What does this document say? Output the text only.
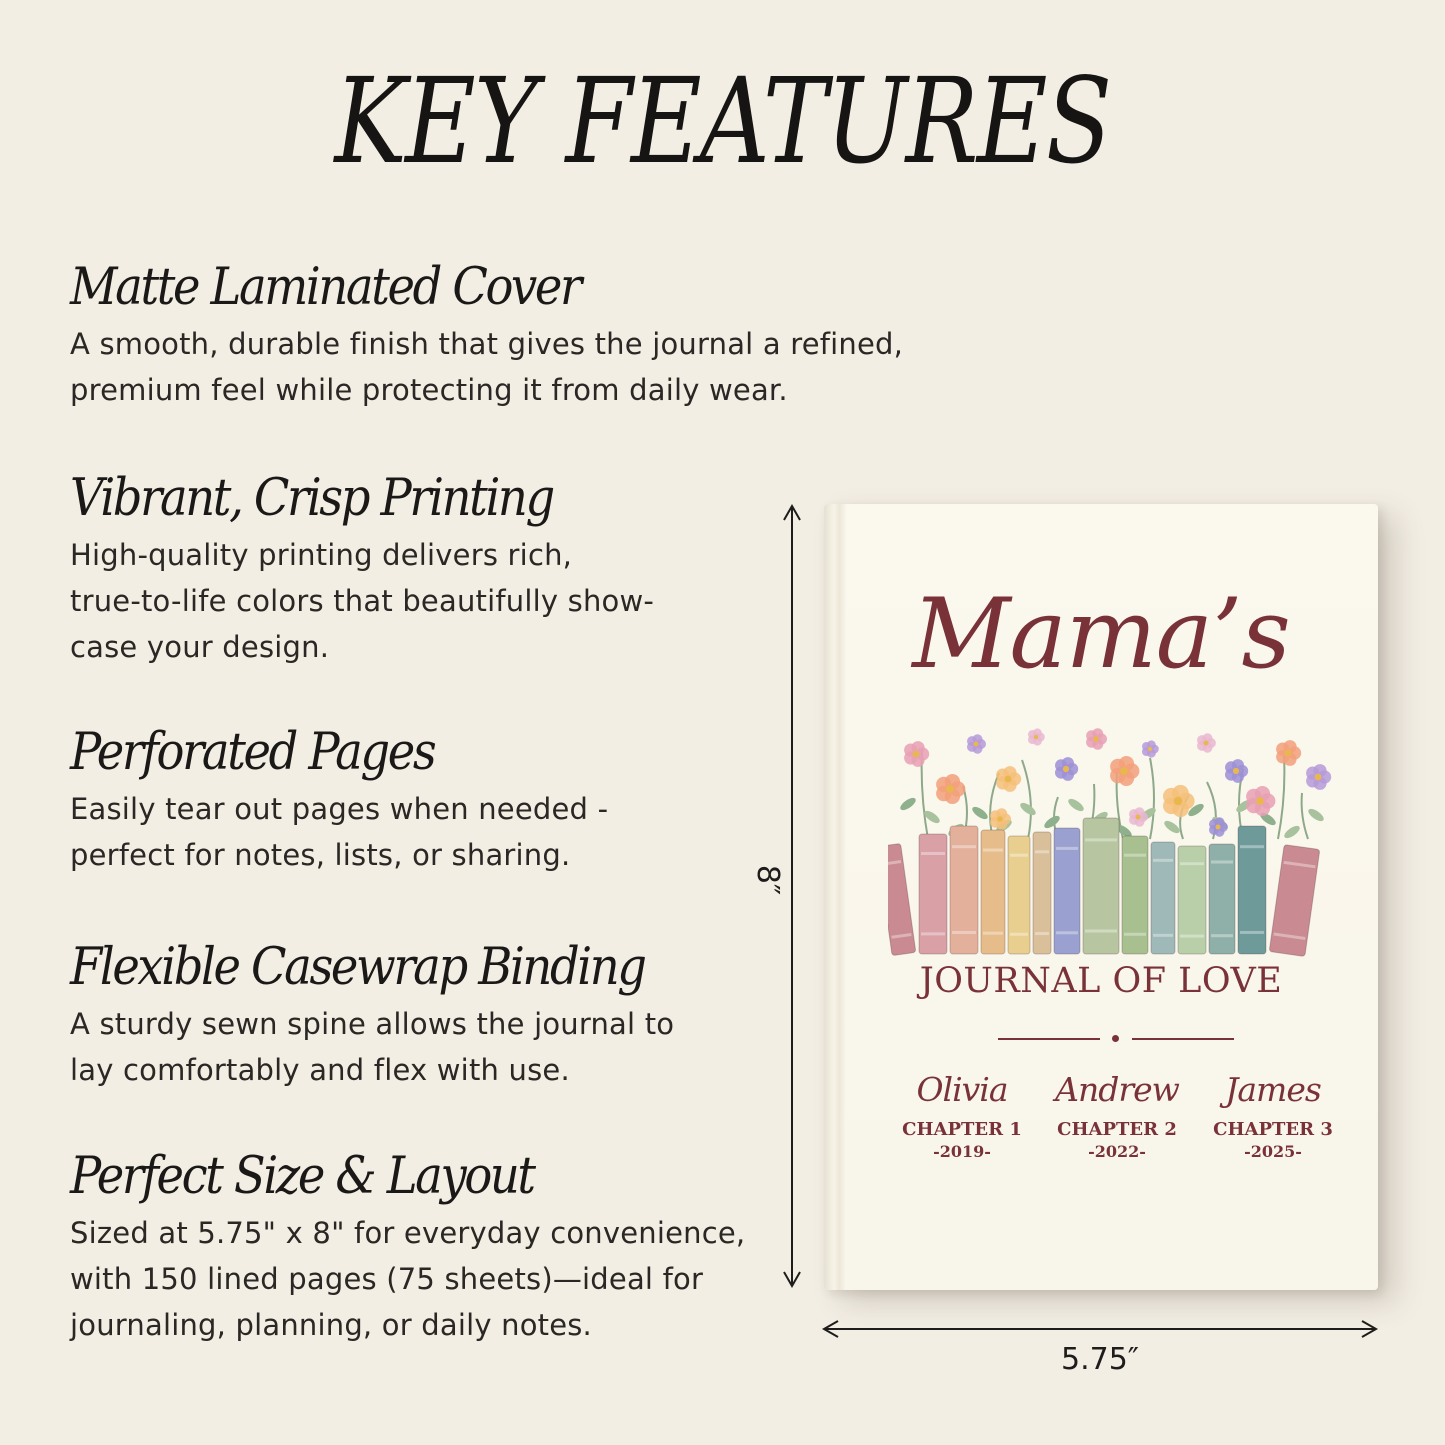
KEY FEATURES
Matte Laminated Cover
A smooth, durable finish that gives the journal a refined,
premium feel while protecting it from daily wear.
Vibrant, Crisp Printing
High-quality printing delivers rich,
true-to-life colors that beautifully show-
case your design.
Perforated Pages
Easily tear out pages when needed -
perfect for notes, lists, or sharing.
Flexible Casewrap Binding
A sturdy sewn spine allows the journal to
lay comfortably and flex with use.
Perfect Size & Layout
Sized at 5.75" x 8" for everyday convenience,
with 150 lined pages (75 sheets)—ideal for
journaling, planning, or daily notes.
Mama’s
JOURNAL OF LOVE
Olivia
CHAPTER 1
-2019-
Andrew
CHAPTER 2
-2022-
James
CHAPTER 3
-2025-
8″
5.75″
